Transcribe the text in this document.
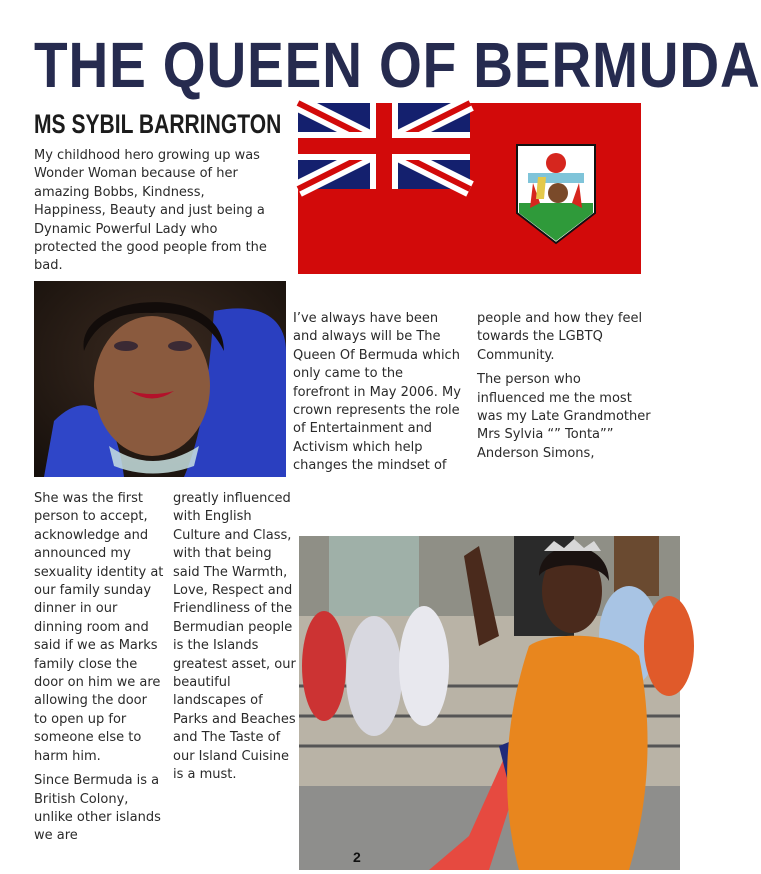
THE QUEEN OF BERMUDA
MS SYBIL BARRINGTON
My childhood hero growing up was Wonder Woman because of her amazing Bobbs, Kindness, Happiness, Beauty and just being a Dynamic Powerful Lady who protected the good people from the bad.

I’ve always have been and always will be The Queen Of Bermuda which only came to the forefront in May 2006. My crown represents the role of Entertainment and Activism which help changes the mindset of

people and how they feel towards the LGBTQ Community.

The person who influenced me the most was my Late Grandmother Mrs Sylvia “” Tonta”” Anderson Simons,

She was the first person to accept, acknowledge and announced my sexuality identity at our family sunday dinner in our dinning room and said if we as Marks family close the door on him we are allowing the door to open up for someone else to harm him.

Since Bermuda is a British Colony, unlike other islands we are

greatly influenced with English Culture and Class, with that being said The Warmth, Love, Respect and Friendliness of the Bermudian people is the Islands greatest asset, our beautiful landscapes of Parks and Beaches and The Taste of our Island Cuisine is a must.

2
